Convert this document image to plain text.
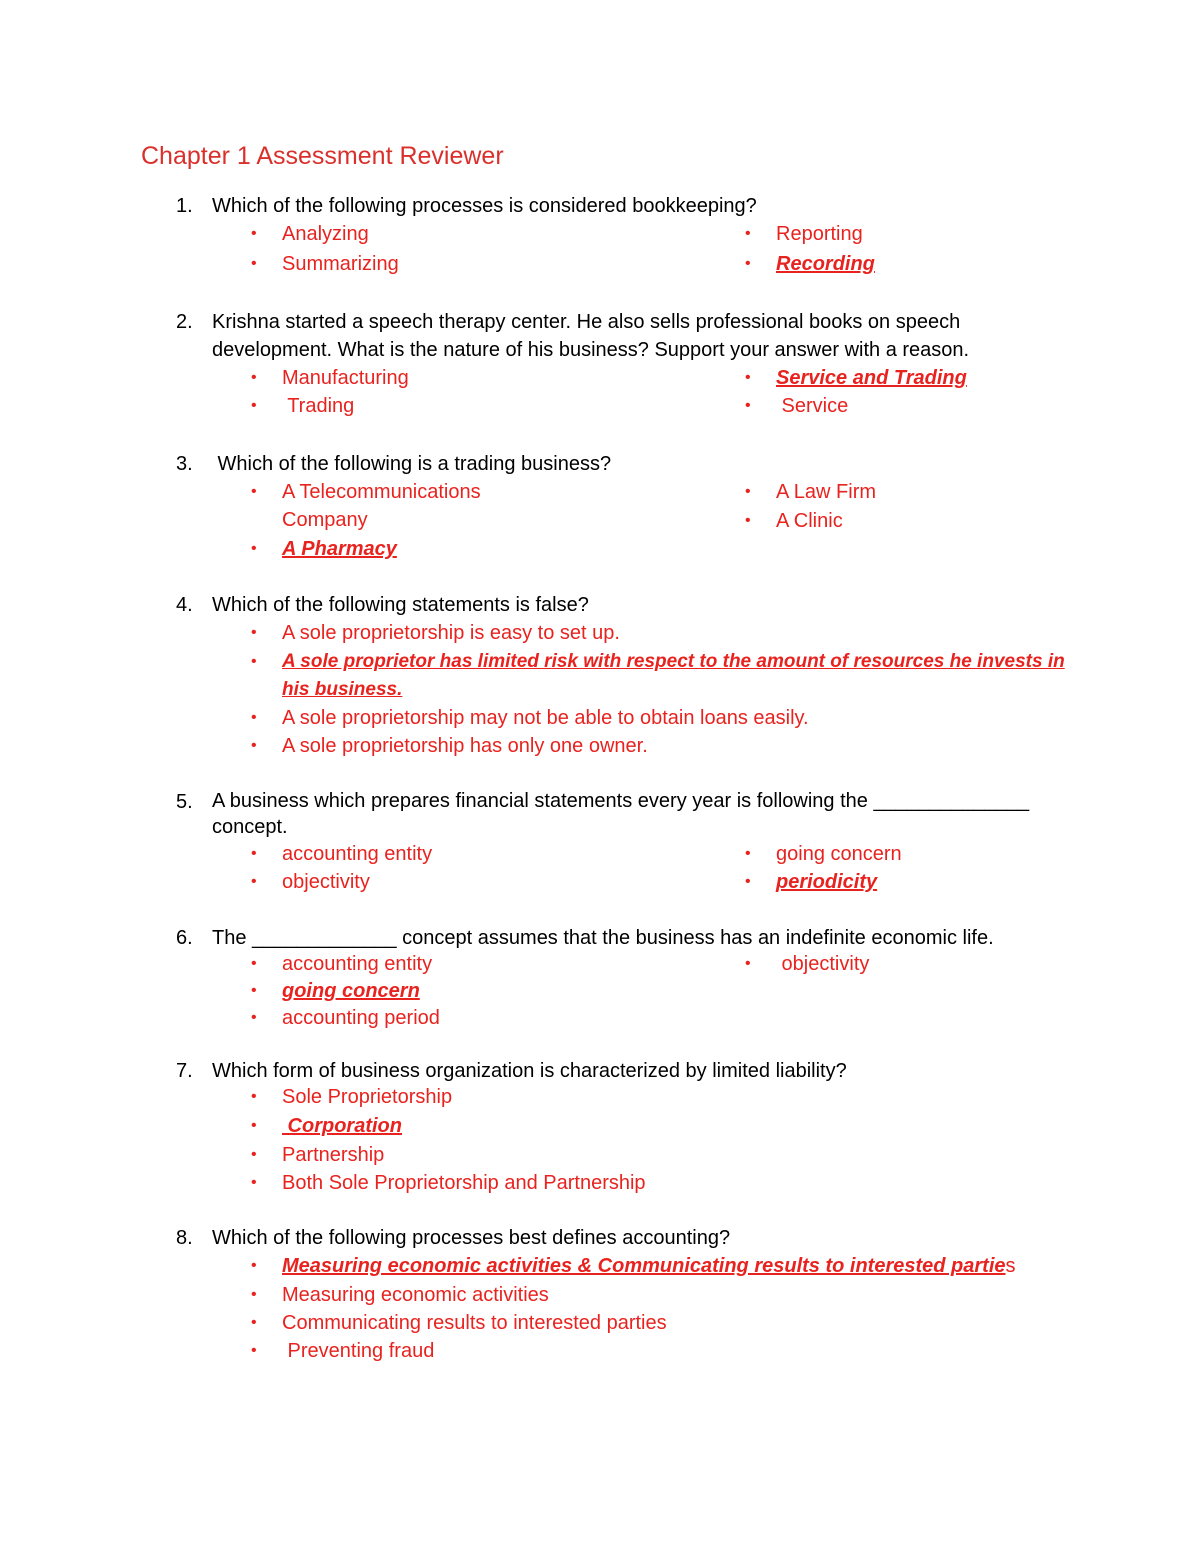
Chapter 1 Assessment Reviewer
1. Which of the following processes is considered bookkeeping?
• Analyzing
• Summarizing
• Reporting
• Recording
2. Krishna started a speech therapy center. He also sells professional books on speech development. What is the nature of his business? Support your answer with a reason.
• Manufacturing
• Trading
• Service and Trading
• Service
3. Which of the following is a trading business?
• A Telecommunications Company
• A Pharmacy
• A Law Firm
• A Clinic
4. Which of the following statements is false?
• A sole proprietorship is easy to set up.
• A sole proprietor has limited risk with respect to the amount of resources he invests in his business.
• A sole proprietorship may not be able to obtain loans easily.
• A sole proprietorship has only one owner.
5. A business which prepares financial statements every year is following the ______________ concept.
• accounting entity
• objectivity
• going concern
• periodicity
6. The _____________ concept assumes that the business has an indefinite economic life.
• accounting entity
• going concern
• accounting period
• objectivity
7. Which form of business organization is characterized by limited liability?
• Sole Proprietorship
• Corporation
• Partnership
• Both Sole Proprietorship and Partnership
8. Which of the following processes best defines accounting?
• Measuring economic activities & Communicating results to interested parties
• Measuring economic activities
• Communicating results to interested parties
• Preventing fraud
